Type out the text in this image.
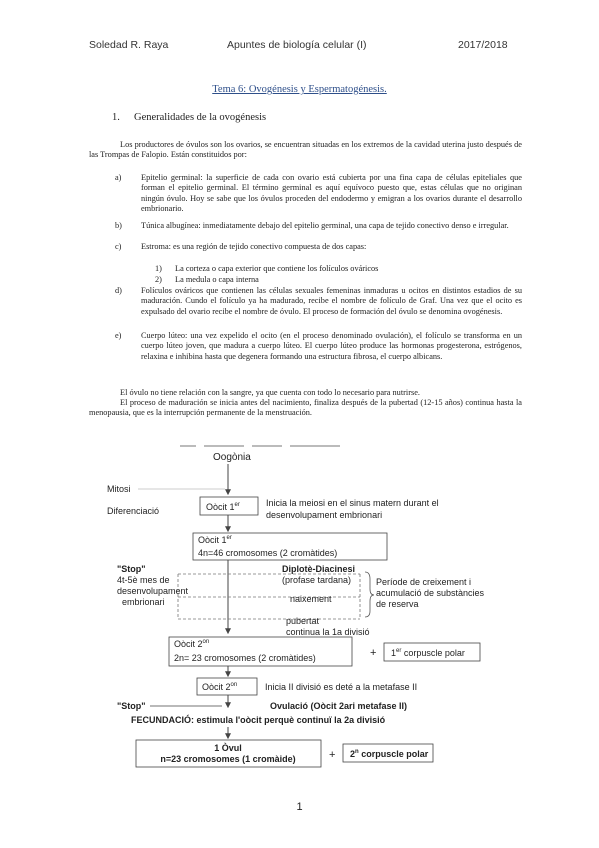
Soledad R. Raya	Apuntes de biología celular (I)	2017/2018
Tema 6: Ovogénesis y Espermatogénesis.
1. Generalidades de la ovogénesis
Los productores de óvulos son los ovarios, se encuentran situadas en los extremos de la cavidad uterina justo después de las Trompas de Falopio. Están constituidos por:
a) Epitelio germinal: la superficie de cada con ovario está cubierta por una fina capa de células epiteliales que forman el epitelio germinal. El término germinal es aquí equívoco puesto que, estas células que no originan ningún óvulo. Hoy se sabe que los óvulos proceden del endodermo y emigran a los ovarios durante el desarrollo embrionario.
b) Túnica albugínea: inmediatamente debajo del epitelio germinal, una capa de tejido conectivo denso e irregular.
c) Estroma: es una región de tejido conectivo compuesta de dos capas:
1) La corteza o capa exterior que contiene los folículos ováricos
2) La medula o capa interna
d) Folículos ováricos que contienen las células sexuales femeninas inmaduras u ocitos en distintos estadios de su maduración. Cundo el folículo ya ha madurado, recibe el nombre de folículo de Graf. Una vez que el ocito es expulsado del ovario recibe el nombre de óvulo. El proceso de formación del óvulo se denomina ovogénesis.
e) Cuerpo lúteo: una vez expelido el ocito (en el proceso denominado ovulación), el folículo se transforma en un cuerpo lúteo joven, que madura a cuerpo lúteo. El cuerpo lúteo produce las hormonas progesterona, estrógenos, relaxina e inhibina hasta que degenera formando una estructura fibrosa, el cuerpo albicans.
El óvulo no tiene relación con la sangre, ya que cuenta con todo lo necesario para nutrirse.
El proceso de maduración se inicia antes del nacimiento, finaliza después de la pubertad (12-15 años) continua hasta la menopausia, que es la interrupción permanente de la menstruación.
Oogònia
Mitosi
Diferenciació	Oòcit 1er	Inicia la meiosi en el sinus matern durant el
desenvolupament embrionari
Oòcit 1er
4n=46 cromosomes (2 cromàtides)
"Stop"
4t-5è mes de
desenvolupament
embrionari
Diplotè-Diacinesi
(profase tardana)
naixement
Període de creixement i
acumulació de substàncies
de reserva
pubertat
continua la 1a divisió
Oòcit $2^{on}$
2n= 23 cromosomes (2 cromàtides)	+ 1er corpuscle polar
Oòcit $2^{on}$	Inicia II divisió es deté a la metafase II
"Stop"	Ovulació (Oòcit 2ari metafase II)
FECUNDACIÓ: estimula l'oòcit perquè continuï la 2a divisió
1 Òvul
n=23 cromosomes (1 cromàide)	+ $2^n$ corpuscle polar
1
